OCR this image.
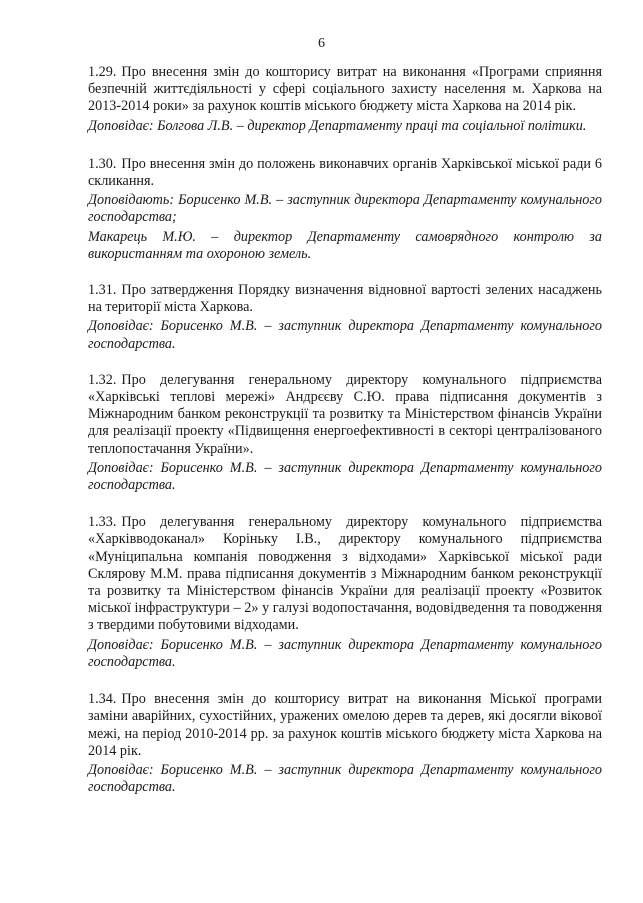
6

1.29. Про внесення змін до кошторису витрат на виконання «Програми сприяння безпечній життєдіяльності у сфері соціального захисту населення м. Харкова на 2013-2014 роки» за рахунок коштів міського бюджету міста Харкова на 2014 рік.

Доповідає: Болгова Л.В. – директор Департаменту праці та соціальної політики.

1.30. Про внесення змін до положень виконавчих органів Харківської міської ради 6 скликання.

Доповідають: Борисенко М.В. – заступник директора Департаменту комунального господарства;

Макарець М.Ю. – директор Департаменту самоврядного контролю за використанням та охороною земель.

1.31. Про затвердження Порядку визначення відновної вартості зелених насаджень на території міста Харкова.

Доповідає: Борисенко М.В. – заступник директора Департаменту комунального господарства.

1.32. Про делегування генеральному директору комунального підприємства «Харківські теплові мережі» Андрєєву С.Ю. права підписання документів з Міжнародним банком реконструкції та розвитку та Міністерством фінансів України для реалізації проекту «Підвищення енергоефективності в секторі централізованого теплопостачання України».

Доповідає: Борисенко М.В. – заступник директора Департаменту комунального господарства.

1.33. Про делегування генеральному директору комунального підприємства «Харківводоканал» Корінькy І.В., директору комунального підприємства «Муніципальна компанія поводження з відходами» Харківської міської ради Склярову М.М. права підписання документів з Міжнародним банком реконструкції та розвитку та Міністерством фінансів України для реалізації проекту «Розвиток міської інфраструктури – 2» у галузі водопостачання, водовідведення та поводження з твердими побутовими відходами.

Доповідає: Борисенко М.В. – заступник директора Департаменту комунального господарства.

1.34. Про внесення змін до кошторису витрат на виконання Міської програми заміни аварійних, сухостійних, уражених омелою дерев та дерев, які досягли вікової межі, на період 2010-2014 рр. за рахунок коштів міського бюджету міста Харкова на 2014 рік.

Доповідає: Борисенко М.В. – заступник директора Департаменту комунального господарства.
